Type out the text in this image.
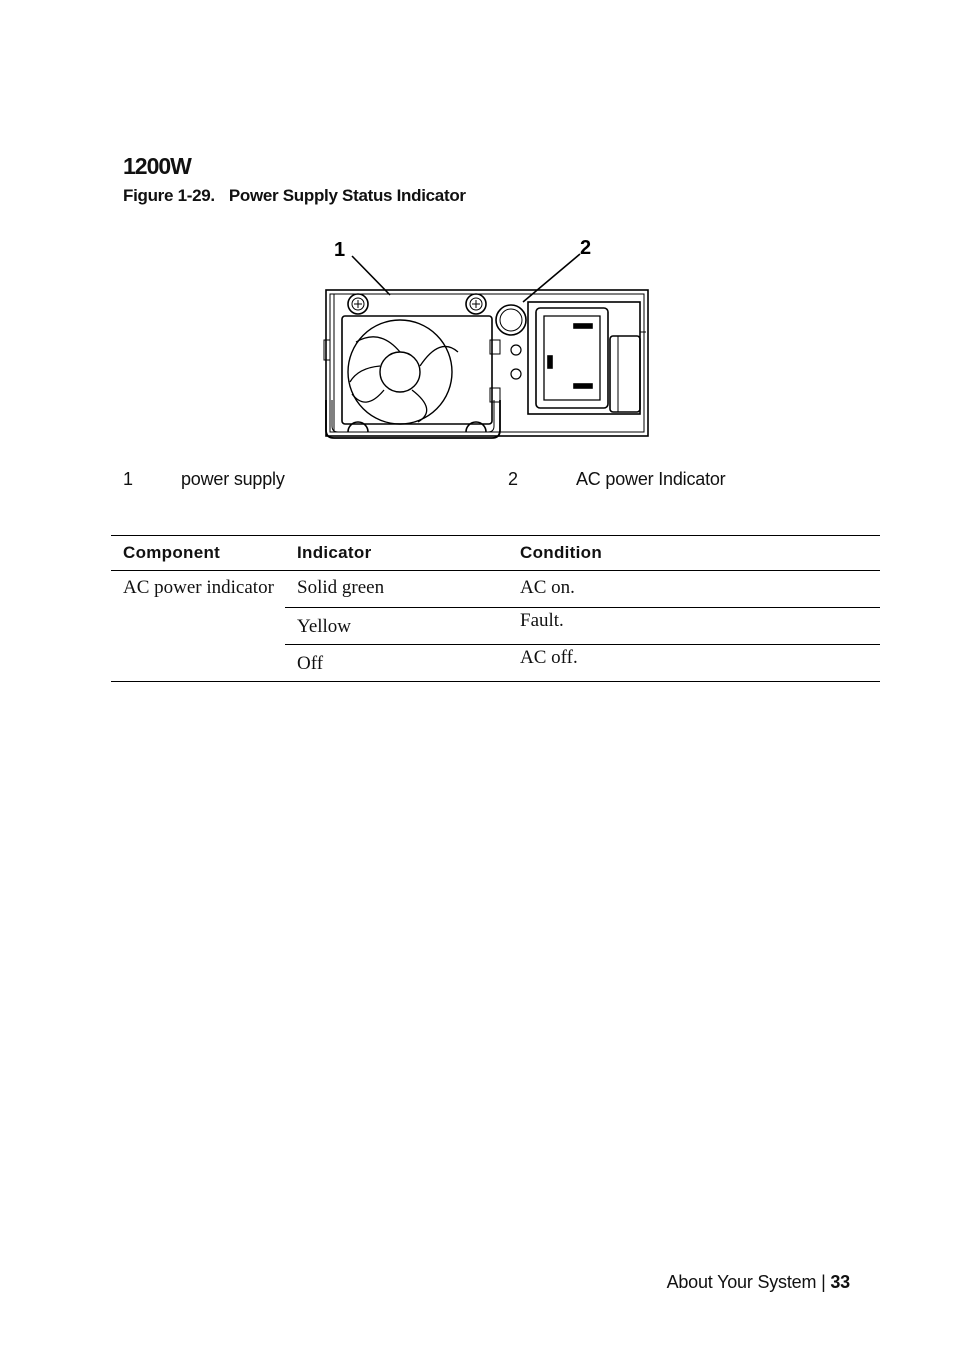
1200W
Figure 1-29. Power Supply Status Indicator
1	2
1	power supply	2	AC power Indicator
Component	Indicator	Condition
AC power indicator	Solid green	AC on.
	Yellow	Fault.
	Off	AC off.
About Your System | 33
